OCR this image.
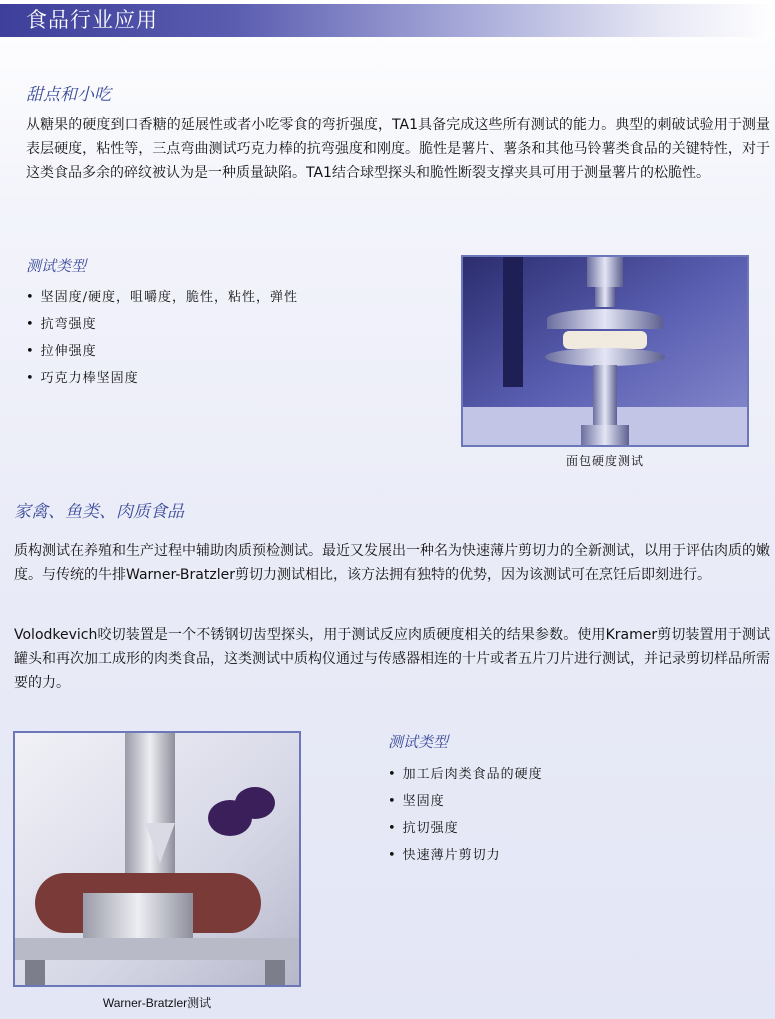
食品行业应用
甜点和小吃
从糖果的硬度到口香糖的延展性或者小吃零食的弯折强度，TA1具备完成这些所有测试的能力。典型的刺破试验用于测量表层硬度，粘性等，三点弯曲测试巧克力棒的抗弯强度和刚度。脆性是薯片、薯条和其他马铃薯类食品的关键特性，对于这类食品多余的碎纹被认为是一种质量缺陷。TA1结合球型探头和脆性断裂支撑夹具可用于测量薯片的松脆性。
测试类型
• 坚固度/硬度，咀嚼度，脆性，粘性，弹性
• 抗弯强度
• 拉伸强度
• 巧克力棒坚固度
面包硬度测试
家禽、鱼类、肉质食品
质构测试在养殖和生产过程中辅助肉质预检测试。最近又发展出一种名为快速薄片剪切力的全新测试，以用于评估肉质的嫩度。与传统的牛排Warner-Bratzler剪切力测试相比，该方法拥有独特的优势，因为该测试可在烹饪后即刻进行。
Volodkevich咬切装置是一个不锈钢切齿型探头，用于测试反应肉质硬度相关的结果参数。使用Kramer剪切装置用于测试罐头和再次加工成形的肉类食品，这类测试中质构仪通过与传感器相连的十片或者五片刀片进行测试，并记录剪切样品所需要的力。
Warner-Bratzler测试
测试类型
• 加工后肉类食品的硬度
• 坚固度
• 抗切强度
• 快速薄片剪切力
